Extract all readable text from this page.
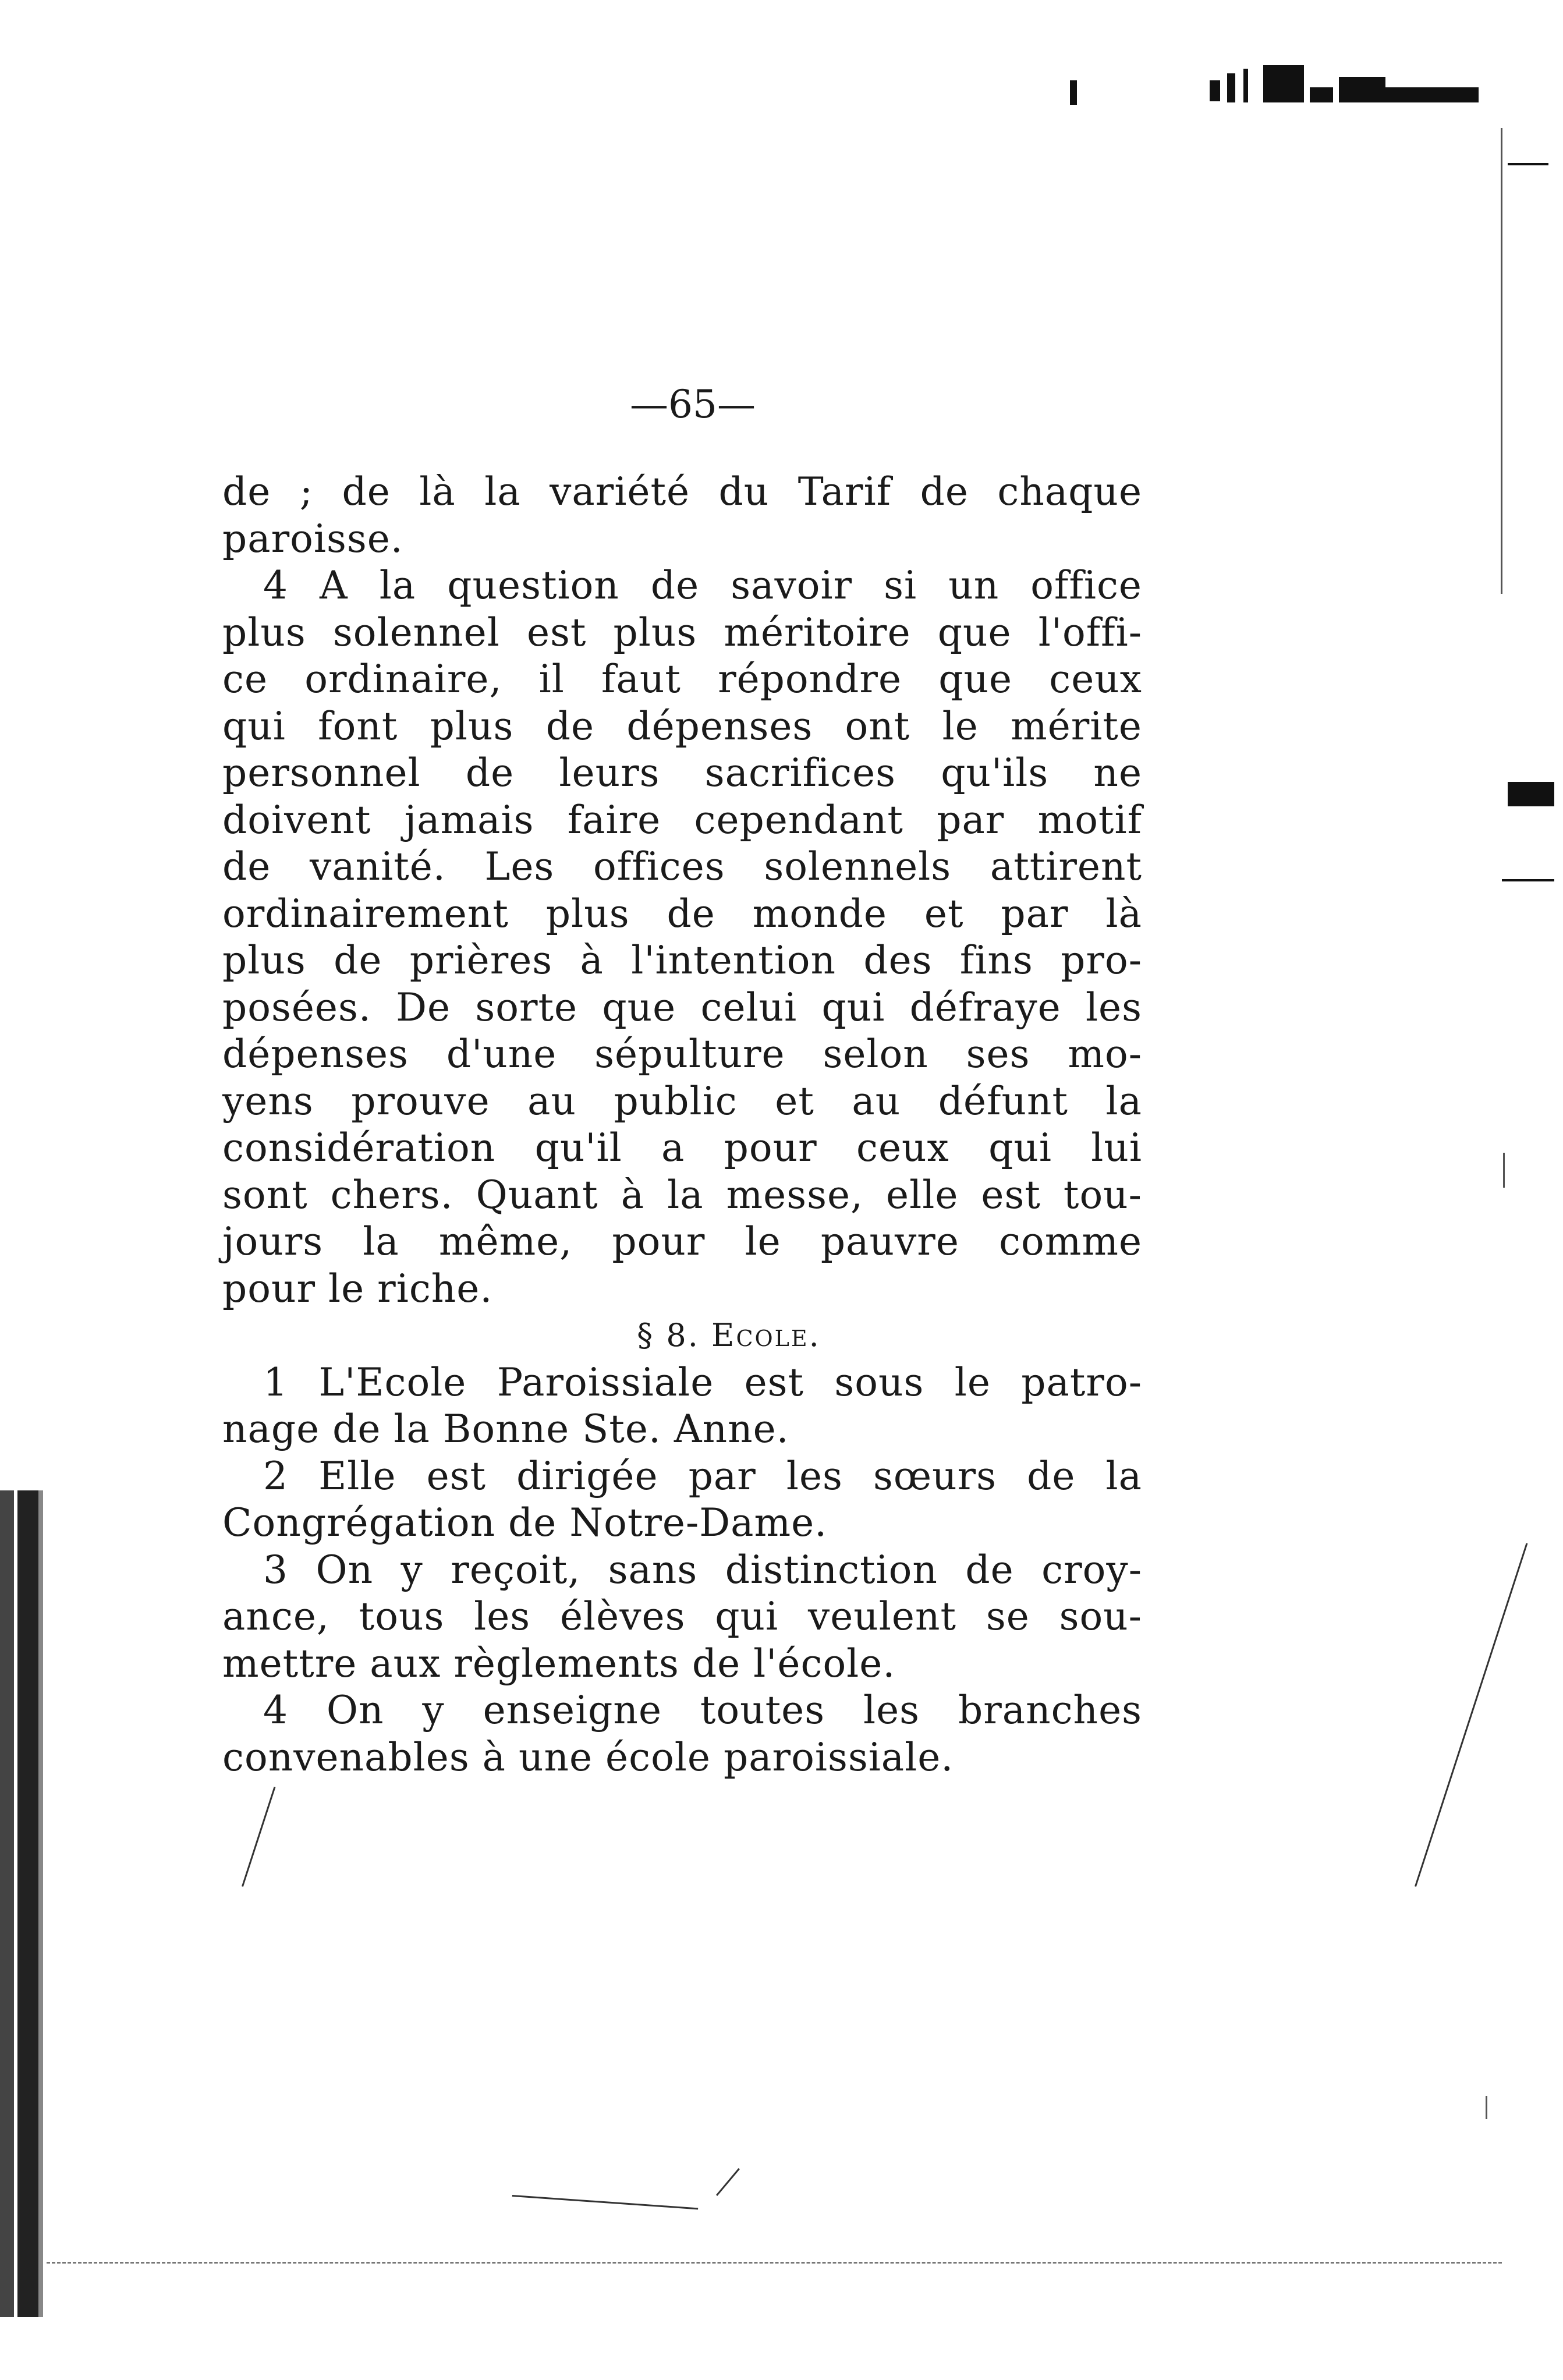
—65—
de ; de là la variété du Tarif de chaque
paroisse.
4 A la question de savoir si un office
plus solennel est plus méritoire que l'offi-
ce ordinaire, il faut répondre que ceux
qui font plus de dépenses ont le mérite
personnel de leurs sacrifices qu'ils ne
doivent jamais faire cependant par motif
de vanité. Les offices solennels attirent
ordinairement plus de monde et par là
plus de prières à l'intention des fins pro-
posées. De sorte que celui qui défraye les
dépenses d'une sépulture selon ses mo-
yens prouve au public et au défunt la
considération qu'il a pour ceux qui lui
sont chers. Quant à la messe, elle est tou-
jours la même, pour le pauvre comme
pour le riche.
§ 8. Ecole.
1 L'Ecole Paroissiale est sous le patro-
nage de la Bonne Ste. Anne.
2 Elle est dirigée par les sœurs de la
Congrégation de Notre-Dame.
3 On y reçoit, sans distinction de croy-
ance, tous les élèves qui veulent se sou-
mettre aux règlements de l'école.
4 On y enseigne toutes les branches
convenables à une école paroissiale.
